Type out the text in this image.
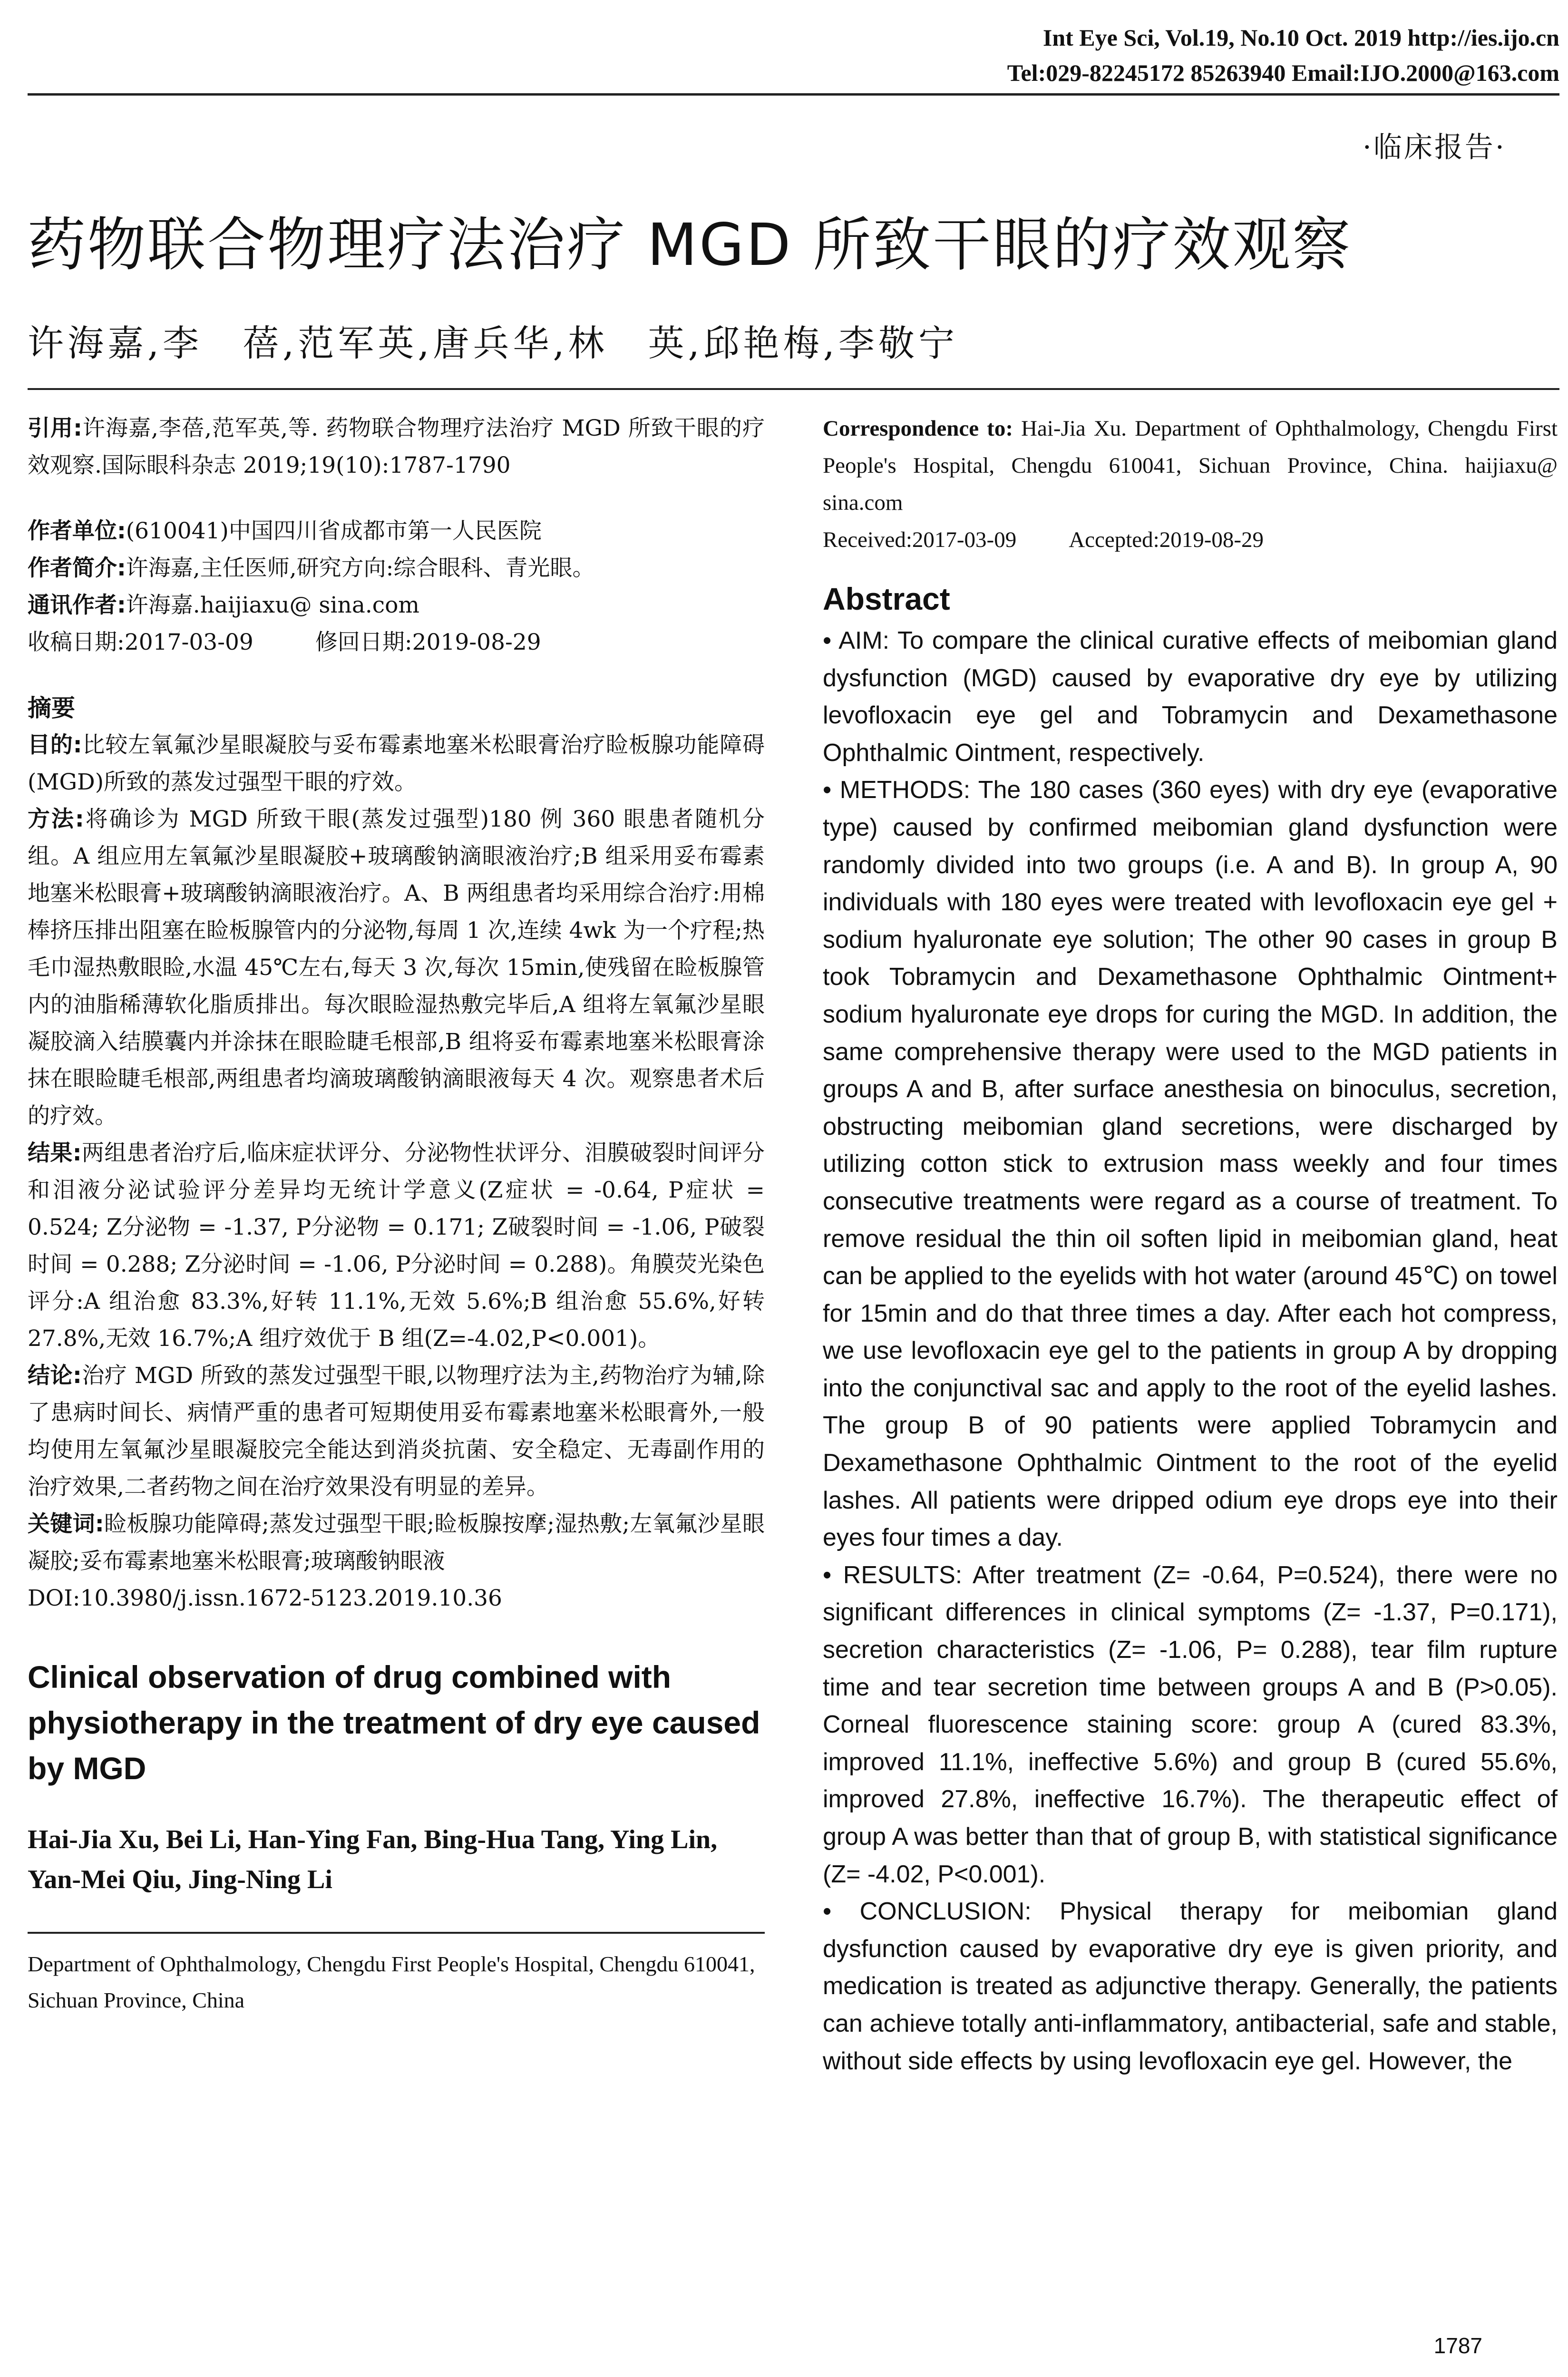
Int Eye Sci, Vol.19, No.10 Oct. 2019 http://ies.ijo.cn
Tel:029-82245172 85263940 Email:IJO.2000@163.com
·临床报告·
药物联合物理疗法治疗 MGD 所致干眼的疗效观察
许海嘉,李　蓓,范军英,唐兵华,林　英,邱艳梅,李敬宁

引用:许海嘉,李蓓,范军英,等. 药物联合物理疗法治疗 MGD 所致干眼的疗效观察.国际眼科杂志 2019;19(10):1787-1790

作者单位:(610041)中国四川省成都市第一人民医院

作者简介:许海嘉,主任医师,研究方向:综合眼科、青光眼。

通讯作者:许海嘉.haijiaxu@ sina.com

收稿日期:2017-03-09	修回日期:2019-08-29

摘要

目的:比较左氧氟沙星眼凝胶与妥布霉素地塞米松眼膏治疗睑板腺功能障碍(MGD)所致的蒸发过强型干眼的疗效。

方法:将确诊为 MGD 所致干眼(蒸发过强型)180 例 360 眼患者随机分组。A 组应用左氧氟沙星眼凝胶+玻璃酸钠滴眼液治疗;B 组采用妥布霉素地塞米松眼膏+玻璃酸钠滴眼液治疗。A、B 两组患者均采用综合治疗:用棉棒挤压排出阻塞在睑板腺管内的分泌物,每周 1 次,连续 4wk 为一个疗程;热毛巾湿热敷眼睑,水温 45℃左右,每天 3 次,每次 15min,使残留在睑板腺管内的油脂稀薄软化脂质排出。每次眼睑湿热敷完毕后,A 组将左氧氟沙星眼凝胶滴入结膜囊内并涂抹在眼睑睫毛根部,B 组将妥布霉素地塞米松眼膏涂抹在眼睑睫毛根部,两组患者均滴玻璃酸钠滴眼液每天 4 次。观察患者术后的疗效。

结果:两组患者治疗后,临床症状评分、分泌物性状评分、泪膜破裂时间评分和泪液分泌试验评分差异均无统计学意义(Z症状 = -0.64, P症状 = 0.524; Z分泌物 = -1.37, P分泌物 = 0.171; Z破裂时间 = -1.06, P破裂时间 = 0.288; Z分泌时间 = -1.06, P分泌时间 = 0.288)。角膜荧光染色评分:A 组治愈 83.3%,好转 11.1%,无效 5.6%;B 组治愈 55.6%,好转 27.8%,无效 16.7%;A 组疗效优于 B 组(Z=-4.02,P<0.001)。

结论:治疗 MGD 所致的蒸发过强型干眼,以物理疗法为主,药物治疗为辅,除了患病时间长、病情严重的患者可短期使用妥布霉素地塞米松眼膏外,一般均使用左氧氟沙星眼凝胶完全能达到消炎抗菌、安全稳定、无毒副作用的治疗效果,二者药物之间在治疗效果没有明显的差异。

关键词:睑板腺功能障碍;蒸发过强型干眼;睑板腺按摩;湿热敷;左氧氟沙星眼凝胶;妥布霉素地塞米松眼膏;玻璃酸钠眼液

DOI:10.3980/j.issn.1672-5123.2019.10.36

Clinical observation of drug combined with physiotherapy in the treatment of dry eye caused by MGD

Hai-Jia Xu, Bei Li, Han-Ying Fan, Bing-Hua Tang, Ying Lin, Yan-Mei Qiu, Jing-Ning Li

Department of Ophthalmology, Chengdu First People's Hospital, Chengdu 610041, Sichuan Province, China

Correspondence to: Hai-Jia Xu. Department of Ophthalmology, Chengdu First People's Hospital, Chengdu 610041, Sichuan Province, China. haijiaxu@ sina.com

Received:2017-03-09 Accepted:2019-08-29

Abstract

• AIM: To compare the clinical curative effects of meibomian gland dysfunction (MGD) caused by evaporative dry eye by utilizing levofloxacin eye gel and Tobramycin and Dexamethasone Ophthalmic Ointment, respectively.

• METHODS: The 180 cases (360 eyes) with dry eye (evaporative type) caused by confirmed meibomian gland dysfunction were randomly divided into two groups (i.e. A and B). In group A, 90 individuals with 180 eyes were treated with levofloxacin eye gel + sodium hyaluronate eye solution; The other 90 cases in group B took Tobramycin and Dexamethasone Ophthalmic Ointment+ sodium hyaluronate eye drops for curing the MGD. In addition, the same comprehensive therapy were used to the MGD patients in groups A and B, after surface anesthesia on binoculus, secretion, obstructing meibomian gland secretions, were discharged by utilizing cotton stick to extrusion mass weekly and four times consecutive treatments were regard as a course of treatment. To remove residual the thin oil soften lipid in meibomian gland, heat can be applied to the eyelids with hot water (around 45℃) on towel for 15min and do that three times a day. After each hot compress, we use levofloxacin eye gel to the patients in group A by dropping into the conjunctival sac and apply to the root of the eyelid lashes. The group B of 90 patients were applied Tobramycin and Dexamethasone Ophthalmic Ointment to the root of the eyelid lashes. All patients were dripped odium eye drops eye into their eyes four times a day.

• RESULTS: After treatment (Z= -0.64, P=0.524), there were no significant differences in clinical symptoms (Z= -1.37, P=0.171), secretion characteristics (Z= -1.06, P= 0.288), tear film rupture time and tear secretion time between groups A and B (P>0.05). Corneal fluorescence staining score: group A (cured 83.3%, improved 11.1%, ineffective 5.6%) and group B (cured 55.6%, improved 27.8%, ineffective 16.7%). The therapeutic effect of group A was better than that of group B, with statistical significance (Z= -4.02, P<0.001).

• CONCLUSION: Physical therapy for meibomian gland dysfunction caused by evaporative dry eye is given priority, and medication is treated as adjunctive therapy. Generally, the patients can achieve totally anti-inflammatory, antibacterial, safe and stable, without side effects by using levofloxacin eye gel. However, the

1787
